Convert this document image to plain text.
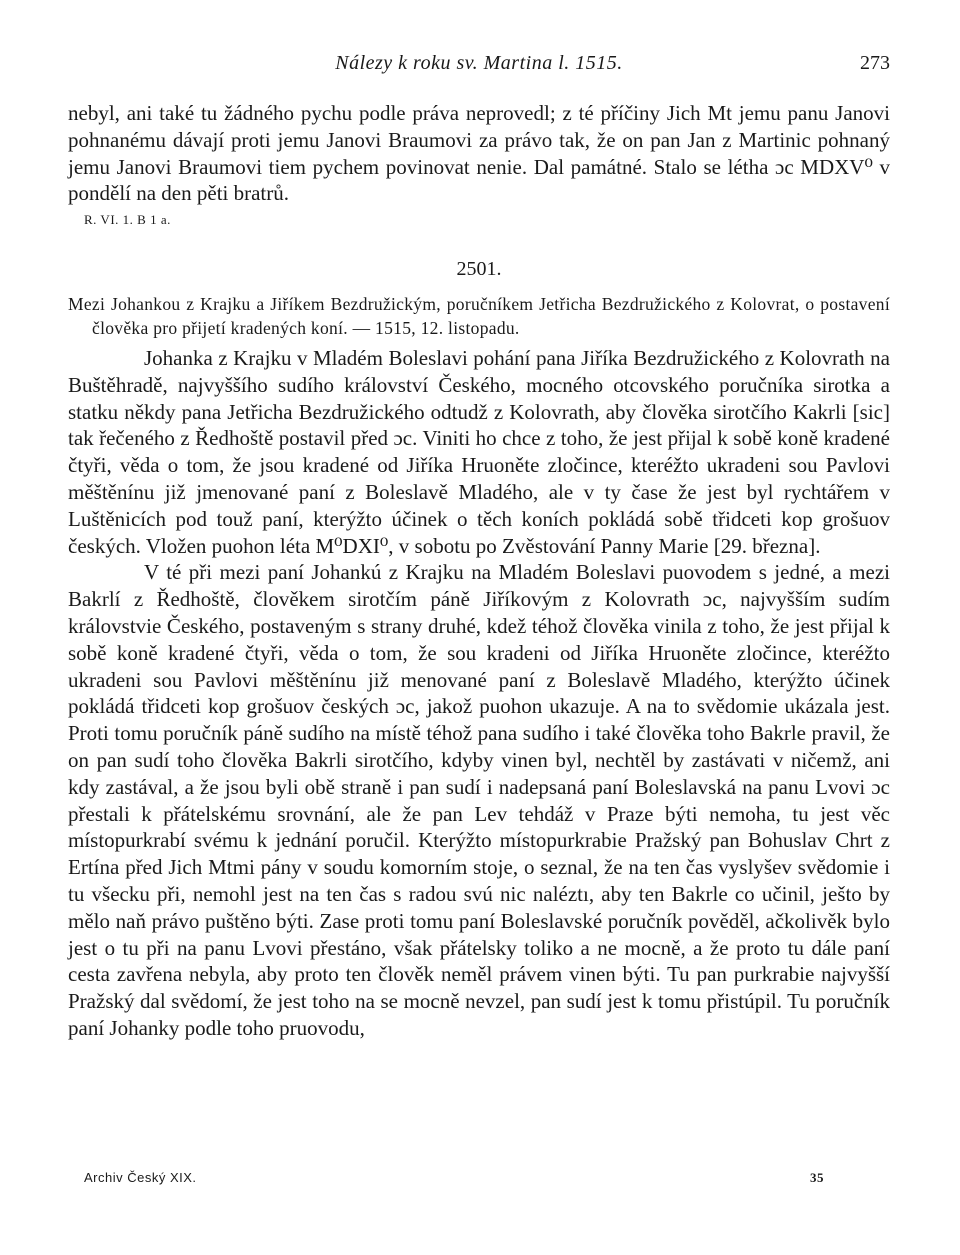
Nálezy k roku sv. Martina l. 1515.	273

nebyl, ani také tu žádného pychu podle práva neprovedl; z té příčiny Jich Mt jemu panu Janovi pohnanému dávají proti jemu Janovi Braumovi za právo tak, že on pan Jan z Martinic pohnaný jemu Janovi Braumovi tiem pychem povinovat nenie. Dal památné. Stalo se létha ɔc MDXV⁰ v pondělí na den pěti bratrů.

R. VI. 1. B 1 a.
2501.

Mezi Johankou z Krajku a Jiříkem Bezdružickým, poručníkem Jetřicha Bezdružického z Kolovrat, o postavení člověka pro přijetí kradených koní. — 1515, 12. listopadu.

Johanka z Krajku v Mladém Boleslavi pohání pana Jiříka Bezdružického z Kolovrath na Buštěhradě, najvyššího sudího království Českého, mocného otcovského poručníka sirotka a statku někdy pana Jetřicha Bezdružického odtudž z Kolovrath, aby člověka sirotčího Kakrli [sic] tak řečeného z Ředhoště postavil před ɔc. Viniti ho chce z toho, že jest přijal k sobě koně kradené čtyři, věda o tom, že jsou kradené od Jiříka Hruoněte zločince, kteréžto ukradeni sou Pavlovi měštěnínu již jmenované paní z Boleslavě Mladého, ale v ty čase že jest byl rychtářem v Luštěnicích pod touž paní, kterýžto účinek o těch koních pokládá sobě třidceti kop grošuov českých. Vložen puohon léta M⁰DXI⁰, v sobotu po Zvěstování Panny Marie [29. března].

V té při mezi paní Johankú z Krajku na Mladém Boleslavi puovodem s jedné, a mezi Bakrlí z Ředhoště, člověkem sirotčím páně Jiříkovým z Kolovrath ɔc, najvyšším sudím královstvie Českého, postaveným s strany druhé, kdež téhož člověka vinila z toho, že jest přijal k sobě koně kradené čtyři, věda o tom, že sou kradeni od Jiříka Hruoněte zločince, kteréžto ukradeni sou Pavlovi měštěnínu již menované paní z Boleslavě Mladého, kterýžto účinek pokládá třidceti kop grošuov českých ɔc, jakož puohon ukazuje. A na to svědomie ukázala jest. Proti tomu poručník páně sudího na místě téhož pana sudího i také člověka toho Bakrle pravil, že on pan sudí toho člověka Bakrli sirotčího, kdyby vinen byl, nechtěl by zastávati v ničemž, ani kdy zastával, a že jsou byli obě straně i pan sudí i nadepsaná paní Boleslavská na panu Lvovi ɔc přestali k přátelskému srovnání, ale že pan Lev tehdáž v Praze býti nemoha, tu jest věc místopurkrabí svému k jednání poručil. Kterýžto místopurkrabie Pražský pan Bohuslav Chrt z Ertína před Jich Mtmi pány v soudu komorním stoje, o seznal, že na ten čas vyslyšev svědomie i tu všecku při, nemohl jest na ten čas s radou svú nic naléztı, aby ten Bakrle co učinil, ješto by mělo naň právo puštěno býti. Zase proti tomu paní Boleslavské poručník pověděl, ačkolivěk bylo jest o tu při na panu Lvovi přestáno, však přátelsky toliko a ne mocně, a že proto tu dále paní cesta zavřena nebyla, aby proto ten člověk neměl právem vinen býti. Tu pan purkrabie najvyšší Pražský dal svědomí, že jest toho na se mocně nevzel, pan sudí jest k tomu přistúpil. Tu poručník paní Johanky podle toho pruovodu,

Archiv Český XIX.	35
